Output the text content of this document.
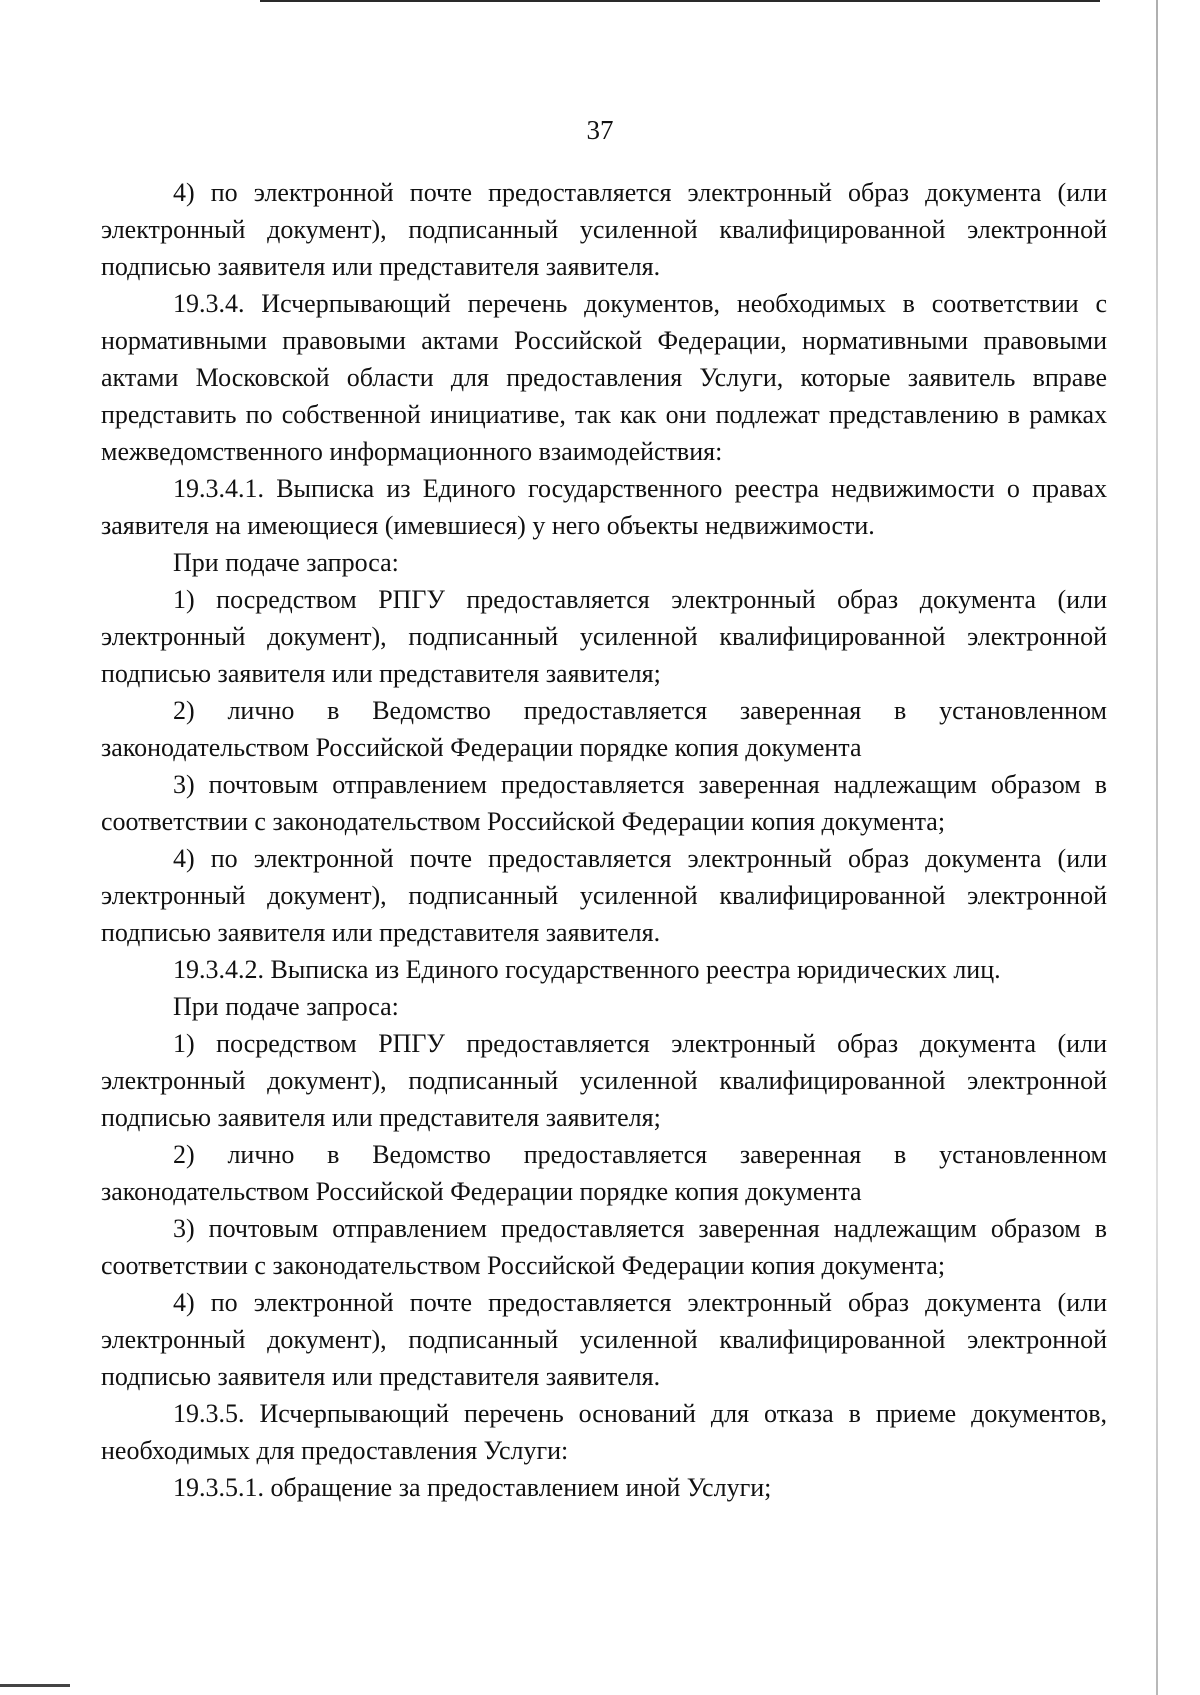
37

4) по электронной почте предоставляется электронный образ документа (или электронный документ), подписанный усиленной квалифицированной электронной подписью заявителя или представителя заявителя.

19.3.4. Исчерпывающий перечень документов, необходимых в соответствии с нормативными правовыми актами Российской Федерации, нормативными правовыми актами Московской области для предоставления Услуги, которые заявитель вправе представить по собственной инициативе, так как они подлежат представлению в рамках межведомственного информационного взаимодействия:

19.3.4.1. Выписка из Единого государственного реестра недвижимости о правах заявителя на имеющиеся (имевшиеся) у него объекты недвижимости.

При подаче запроса:

1) посредством РПГУ предоставляется электронный образ документа (или электронный документ), подписанный усиленной квалифицированной электронной подписью заявителя или представителя заявителя;

2) лично в Ведомство предоставляется заверенная в установленном законодательством Российской Федерации порядке копия документа

3) почтовым отправлением предоставляется заверенная надлежащим образом в соответствии с законодательством Российской Федерации копия документа;

4) по электронной почте предоставляется электронный образ документа (или электронный документ), подписанный усиленной квалифицированной электронной подписью заявителя или представителя заявителя.

19.3.4.2. Выписка из Единого государственного реестра юридических лиц.

При подаче запроса:

1) посредством РПГУ предоставляется электронный образ документа (или электронный документ), подписанный усиленной квалифицированной электронной подписью заявителя или представителя заявителя;

2) лично в Ведомство предоставляется заверенная в установленном законодательством Российской Федерации порядке копия документа

3) почтовым отправлением предоставляется заверенная надлежащим образом в соответствии с законодательством Российской Федерации копия документа;

4) по электронной почте предоставляется электронный образ документа (или электронный документ), подписанный усиленной квалифицированной электронной подписью заявителя или представителя заявителя.

19.3.5. Исчерпывающий перечень оснований для отказа в приеме документов, необходимых для предоставления Услуги:

19.3.5.1. обращение за предоставлением иной Услуги;
